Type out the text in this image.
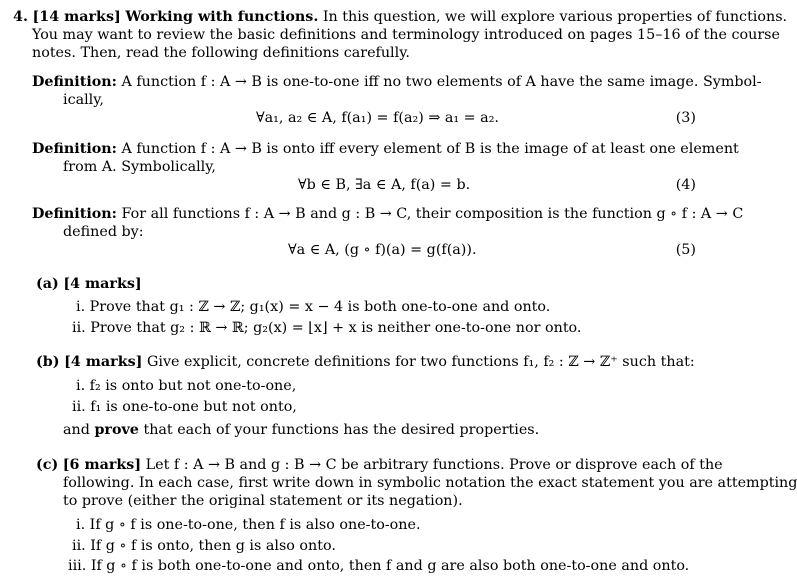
4. [14 marks] Working with functions. In this question, we will explore various properties of functions.
You may want to review the basic definitions and terminology introduced on pages 15–16 of the course
notes. Then, read the following definitions carefully.
Definition: A function f : A → B is one-to-one iff no two elements of A have the same image. Symbol-
ically,
∀a₁, a₂ ∈ A, f(a₁) = f(a₂) ⇒ a₁ = a₂.	(3)
Definition: A function f : A → B is onto iff every element of B is the image of at least one element
from A. Symbolically,
∀b ∈ B, ∃a ∈ A, f(a) = b.	(4)
Definition: For all functions f : A → B and g : B → C, their composition is the function g ∘ f : A → C
defined by:
∀a ∈ A, (g ∘ f)(a) = g(f(a)).	(5)
(a) [4 marks]
i. Prove that g₁ : ℤ → ℤ; g₁(x) = x − 4 is both one-to-one and onto.
ii. Prove that g₂ : ℝ → ℝ; g₂(x) = ⌊x⌋ + x is neither one-to-one nor onto.
(b) [4 marks] Give explicit, concrete definitions for two functions f₁, f₂ : ℤ → ℤ⁺ such that:
i. f₂ is onto but not one-to-one,
ii. f₁ is one-to-one but not onto,
and prove that each of your functions has the desired properties.
(c) [6 marks] Let f : A → B and g : B → C be arbitrary functions. Prove or disprove each of the
following. In each case, first write down in symbolic notation the exact statement you are attempting
to prove (either the original statement or its negation).
i. If g ∘ f is one-to-one, then f is also one-to-one.
ii. If g ∘ f is onto, then g is also onto.
iii. If g ∘ f is both one-to-one and onto, then f and g are also both one-to-one and onto.
